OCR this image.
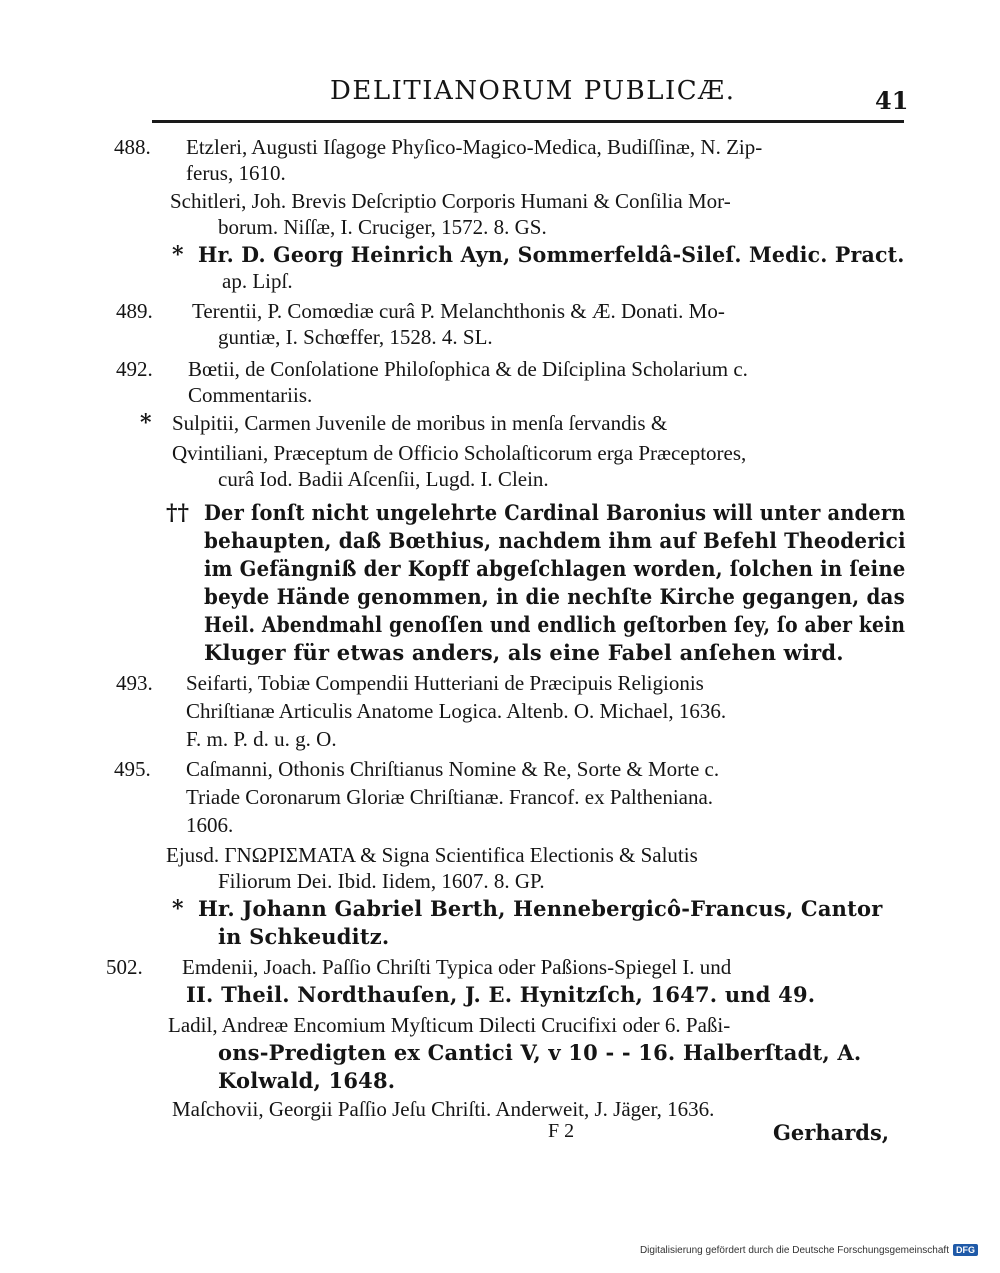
DELITIANORUM PUBLICÆ.	41
488.	Etzleri, Augusti Iſagoge Phyſico-Magico-Medica, Budiſſinæ, N. Zip-
ferus, 1610.
Schitleri, Joh. Brevis Deſcriptio Corporis Humani & Conſilia Mor-
borum. Niſſæ, I. Cruciger, 1572. 8. GS.
* Hr. D. Georg Heinrich Ayn, Sommerfeldâ-Sileſ. Medic. Pract.
ap. Lipſ.
489.	Terentii, P. Comœdiæ curâ P. Melanchthonis & Æ. Donati. Mo-
guntiæ, I. Schœffer, 1528. 4. SL.
492.	Bœtii, de Conſolatione Philoſophica & de Diſciplina Scholarium c.
Commentariis.
* Sulpitii, Carmen Juvenile de moribus in menſa ſervandis &
Qvintiliani, Præceptum de Officio Scholaſticorum erga Præceptores,
curâ Iod. Badii Aſcenſii, Lugd. I. Clein.
†† Der ſonſt nicht ungelehrte Cardinal Baronius will unter andern
behaupten, daß Bœthius, nachdem ihm auf Befehl Theoderici
im Gefängniß der Kopff abgeſchlagen worden, ſolchen in ſeine
beyde Hände genommen, in die nechſte Kirche gegangen, das
Heil. Abendmahl genoſſen und endlich geſtorben ſey, ſo aber kein
Kluger für etwas anders, als eine Fabel anſehen wird.
493.	Seifarti, Tobiæ Compendii Hutteriani de Præcipuis Religionis
Chriſtianæ Articulis Anatome Logica. Altenb. O. Michael, 1636.
F. m. P. d. u. g. O.
495.	Caſmanni, Othonis Chriſtianus Nomine & Re, Sorte & Morte c.
Triade Coronarum Gloriæ Chriſtianæ. Francof. ex Paltheniana.
1606.
Ejusd. ΓΝΩΡΙΣΜΑΤΑ & Signa Scientifica Electionis & Salutis
Filiorum Dei. Ibid. Iidem, 1607. 8. GP.
* Hr. Johann Gabriel Berth, Hennebergicô-Francus, Cantor
in Schkeuditz.
502.	Emdenii, Joach. Paſſio Chriſti Typica oder Paßions-Spiegel I. und
II. Theil. Nordthauſen, J. E. Hynitzſch, 1647. und 49.
Ladil, Andreæ Encomium Myſticum Dilecti Crucifixi oder 6. Paßi-
ons-Predigten ex Cantici V, v 10 - - 16. Halberſtadt, A.
Kolwald, 1648.
Maſchovii, Georgii Paſſio Jeſu Chriſti. Anderweit, J. Jäger, 1636.
F 2	Gerhards,
Digitalisierung gefördert durch die Deutsche Forschungsgemeinschaft DFG
